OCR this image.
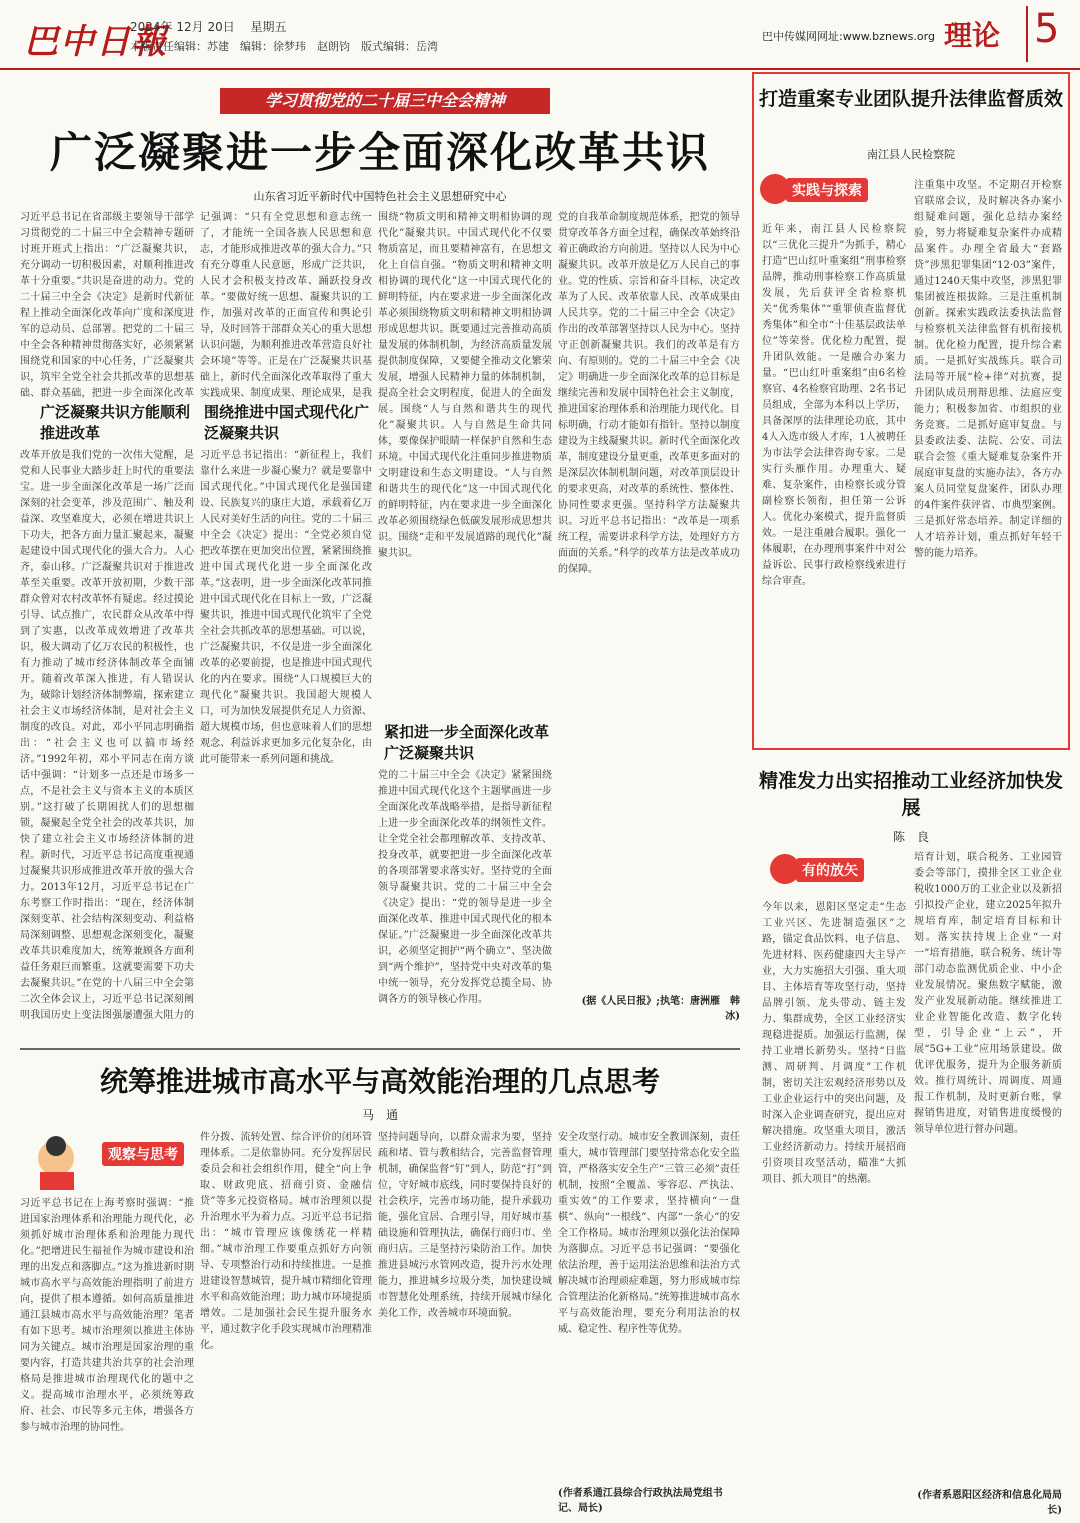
巴中日報
2024年 12月 20日　 星期五
本版责任编辑：苏建　编辑：徐梦玮　赵朗钧　版式编辑：岳湾
巴中传媒网网址:www.bznews.org 理论 5
学习贯彻党的二十届三中全会精神
广泛凝聚进一步全面深化改革共识
山东省习近平新时代中国特色社会主义思想研究中心
习近平总书记在省部级主要领导干部学习贯彻党的二十届三中全会精神专题研讨班开班式上指出：“广泛凝聚共识，充分调动一切积极因素，对顺利推进改革十分重要。”共识是奋进的动力。党的二十届三中全会《决定》是新时代新征程上推动全面深化改革向广度和深度进军的总动员、总部署。把党的二十届三中全会各种精神贯彻落实好，必须紧紧围绕党和国家的中心任务，广泛凝聚共识，筑牢全党全社会共抓改革的思想基础、群众基础，把进一步全面深化改革
广泛凝聚共识方能顺利推进改革
改革开放是我们党的一次伟大觉醒，是党和人民事业大踏步赶上时代的重要法宝。进一步全面深化改革是一场广泛而深刻的社会变革，涉及范围广、触及利益深、攻坚难度大，必须在增进共识上下功夫，把各方面力量汇聚起来，凝聚起建设中国式现代化的强大合力。人心齐，泰山移。广泛凝聚共识对于推进改革至关重要。改革开放初期，少数干部群众曾对农村改革怀有疑虑。经过摸论引导、试点推广，农民群众从改革中得到了实惠，以改革成效增进了改革共识，极大调动了亿万农民的积极性，也有力推动了城市经济体制改革全面铺开。随着改革深入推进，有人错误认为，破除计划经济体制弊端，探索建立社会主义市场经济体制，是对社会主义制度的改良。对此，邓小平同志明确指出：“社会主义也可以搞市场经济。”1992年初，邓小平同志在南方谈话中强调：“计划多一点还是市场多一点，不是社会主义与资本主义的本质区别。”这打破了长期困扰人们的思想枷锁，凝聚起全党全社会的改革共识，加快了建立社会主义市场经济体制的进程。新时代，习近平总书记高度重视通过凝聚共识形成推进改革开放的强大合力。2013年12月，习近平总书记在广东考察工作时指出：“现在，经济体制深刻变革、社会结构深刻变动、利益格局深刻调整、思想观念深刻变化，凝聚改革共识难度加大，统筹兼顾各方面利益任务艰巨而繁重。这就要需要下功夫去凝聚共识。”在党的十八届三中全会第二次全体会议上，习近平总书记深刻阐明我国历史上变法图强屡遭强大阻力的
记强调：“只有全党思想和意志统一了，才能统一全国各族人民思想和意志，才能形成推进改革的强大合力。”只有充分尊重人民意愿，形成广泛共识，人民才会积极支持改革、踊跃投身改革。“要做好统一思想、凝聚共识的工作，加强对改革的正面宣传和舆论引导，及时回答干部群众关心的重大思想认识问题，为顺利推进改革营造良好社会环境”等等。正是在广泛凝聚共识基础上，新时代全面深化改革取得了重大实践成果、制度成果、理论成果，是我
围绕推进中国式现代化广泛凝聚共识
习近平总书记指出：“新征程上，我们靠什么来进一步凝心聚力？就是要靠中国式现代化。”中国式现代化是强国建设、民族复兴的康庄大道，承载着亿万人民对美好生活的向往。党的二十届三中全会《决定》提出：“全党必须自觉把改革摆在更加突出位置，紧紧围绕推进中国式现代化进一步全面深化改革。”这表明，进一步全面深化改革同推进中国式现代化在目标上一致，广泛凝聚共识，推进中国式现代化筑牢了全党全社会共抓改革的思想基础。可以说，广泛凝聚共识，不仅是进一步全面深化改革的必要前提，也是推进中国式现代化的内在要求。围绕“人口规模巨大的现代化”凝聚共识。我国超大规模人口，可为加快发展提供充足人力资源、超大规模市场，但也意味着人们的思想观念、利益诉求更加多元化复杂化，由此可能带来一系列问题和挑战。
围绕“物质文明和精神文明相协调的现代化”凝聚共识。中国式现代化不仅要物质富足，而且要精神富有，在思想文化上自信自强。“物质文明和精神文明相协调的现代化”这一中国式现代化的鲜明特征，内在要求进一步全面深化改革必须围绕物质文明和精神文明相协调形成思想共识。既要通过完善推动高质量发展的体制机制，为经济高质量发展提供制度保障，又要健全推动文化繁荣发展，增强人民精神力量的体制机制，提高全社会文明程度，促进人的全面发展。围绕“人与自然和谐共生的现代化”凝聚共识。人与自然是生命共同体，要像保护眼睛一样保护自然和生态环境。中国式现代化注重同步推进物质文明建设和生态文明建设。“人与自然和谐共生的现代化”这一中国式现代化的鲜明特征，内在要求进一步全面深化改革必须围绕绿色低碳发展形成思想共识。围绕“走和平发展道路的现代化”凝聚共识。
紧扣进一步全面深化改革广泛凝聚共识
党的二十届三中全会《决定》紧紧围绕推进中国式现代化这个主题擘画进一步全面深化改革战略举措，是指导新征程上进一步全面深化改革的纲领性文件。让全党全社会都理解改革、支持改革、投身改革，就要把进一步全面深化改革的各项部署要求落实好。坚持党的全面领导凝聚共识。党的二十届三中全会《决定》提出：“党的领导是进一步全面深化改革、推进中国式现代化的根本保证。”广泛凝聚进一步全面深化改革共识，必须坚定拥护“两个确立”、坚决做到“两个维护”，坚持党中央对改革的集中统一领导，充分发挥党总揽全局、协调各方的领导核心作用。
党的自我革命制度规范体系，把党的领导贯穿改革各方面全过程，确保改革始终沿着正确政治方向前进。坚持以人民为中心凝聚共识。改革开放是亿万人民自己的事业。党的性质、宗旨和奋斗目标，决定改革为了人民、改革依靠人民、改革成果由人民共享。党的二十届三中全会《决定》作出的改革部署坚持以人民为中心。坚持守正创新凝聚共识。我们的改革是有方向、有原则的。党的二十届三中全会《决定》明确进一步全面深化改革的总目标是继续完善和发展中国特色社会主义制度，推进国家治理体系和治理能力现代化。目标明确，行动才能如有指针。坚持以制度建设为主线凝聚共识。新时代全面深化改革，制度建设分量更重，改革更多面对的是深层次体制机制问题，对改革顶层设计的要求更高，对改革的系统性、整体性、协同性要求更强。坚持科学方法凝聚共识。习近平总书记指出：“改革是一项系统工程，需要讲求科学方法，处理好方方面面的关系。”科学的改革方法是改革成功的保障。
(据《人民日报》;执笔：唐洲雁　韩冰)
打造重案专业团队提升法律监督质效
南江县人民检察院
实践与探索
近年来，南江县人民检察院以“三优化三提升”为抓手，精心打造“巴山红叶重案组”刑事检察品牌，推动刑事检察工作高质量发展，先后获评全省检察机关“优秀集体”“重罪侦查监督优秀集体”和全市“十佳基层政法单位”等荣誉。优化检力配置，提升团队效能。一是融合办案力量。“巴山红叶重案组”由6名检察官、4名检察官助理、2名书记员组成，全部为本科以上学历，具备深厚的法律理论功底，其中4人入选市级人才库，1人被聘任为市法学会法律咨询专家。二是实行头雁作用。办理重大、疑难、复杂案件，由检察长或分管副检察长领衔，担任第一公诉人。优化办案模式，提升监督质效。一是注重融合履职。强化一体履职，在办理刑事案件中对公益诉讼、民事行政检察线索进行综合审查。
注重集中攻坚。不定期召开检察官联席会议，及时解决各办案小组疑难问题，强化总结办案经验，努力将疑难复杂案件办成精品案件。办理全省最大“套路贷”涉黑犯罪集团“12·03”案件，通过1240天集中攻坚，涉黑犯罪集团被连根拔除。三是注重机制创新。探索实践政法委执法监督与检察机关法律监督有机衔接机制。优化检力配置，提升综合素质。一是抓好实战练兵。联合司法局等开展“检+律”对抗赛，提升团队成员刑辩思维、法庭应变能力；积极参加省、市组织的业务竞赛。二是抓好庭审复盘。与县委政法委、法院、公安、司法联合会签《重大疑难复杂案件开展庭审复盘的实施办法》，各方办案人员同堂复盘案件，团队办理的4件案件获评省、市典型案例。三是抓好常态培养。制定详细的人才培养计划，重点抓好年轻干警的能力培养。
精准发力出实招推动工业经济加快发展
陈　良
有的放矢
今年以来，恩阳区坚定走“生态工业兴区、先进制造强区”之路，锚定食品饮料、电子信息、先进材料、医药健康四大主导产业，大力实施招大引强、重大项目、主体培育等攻坚行动，坚持品牌引领、龙头带动、链主发力、集群成势，全区工业经济实现稳进提质。加强运行监测，保持工业增长新势头。坚持“日监测、周研判、月调度”工作机制，密切关注宏观经济形势以及工业企业运行中的突出问题，及时深入企业调查研究，提出应对解决措施。攻坚重大项目，激活工业经济新动力。持续开展招商引资项目攻坚活动，瞄准“大抓项目、抓大项目”的热潮。
培育计划，联合税务、工业园管委会等部门，摸排全区工业企业税收1000万的工业企业以及新招引拟投产企业，建立2025年拟升规培育库，制定培育目标和计划。落实扶持规上企业“一对一”培育措施，联合税务、统计等部门动态监测优质企业、中小企业发展情况。聚焦数字赋能，激发产业发展新动能。继续推进工业企业智能化改造、数字化转型，引导企业“上云”，开展“5G+工业”应用场景建设。做优评优服务，提升为企服务新质效。推行周统计、周调度、周通报工作机制，及时更新台账，掌握销售进度，对销售进度缓慢的领导单位进行督办问题。
(作者系恩阳区经济和信息化局局长)
统筹推进城市高水平与高效能治理的几点思考
马　通
观察与思考
习近平总书记在上海考察时强调：“推进国家治理体系和治理能力现代化，必须抓好城市治理体系和治理能力现代化。”把增进民生福祉作为城市建设和治理的出发点和落脚点。”这为推进新时期城市高水平与高效能治理指明了前进方向，提供了根本遵循。如何高质量推进通江县城市高水平与高效能治理？笔者有如下思考。城市治理须以推进主体协同为关键点。城市治理是国家治理的重要内容，打造共建共治共享的社会治理格局是推进城市治理现代化的题中之义。提高城市治理水平，必须统筹政府、社会、市民等多元主体，增强各方参与城市治理的协同性。
件分拨、流转处置、综合评价的闭环管理体系。二是依靠协同。充分发挥居民委员会和社会组织作用，健全“向上争取、财政兜底、招商引资、金融信贷”等多元投资格局。城市治理须以提升治理水平为着力点。习近平总书记指出：“城市管理应该像绣花一样精细。”城市治理工作要重点抓好方向领导、专项整治行动和持续推进。一是推进建设智慧城管，提升城市精细化管理水平和高效能治理；助力城市环境提质增效。二是加强社会民生提升服务水平，通过数字化手段实现城市治理精准化。
坚持问题导向，以群众需求为要，坚持疏和堵、管与教相结合，完善监督管理机制，确保监督“钉”到人，防范“打”到位，守好城市底线，同时要保持良好的社会秩序，完善市场功能，提升承载功能，强化宜居、合理引导，用好城市基础设施和管理执法，确保行商归市、坐商归店。三是坚持污染防治工作。加快推进县城污水管网改造，提升污水处理能力，推进城乡垃圾分类，加快建设城市智慧化处理系统，持续开展城市绿化美化工作，改善城市环境面貌。
安全攻坚行动。城市安全教训深刻，责任重大，城市管理部门要坚持常态化安全监管，严格落实安全生产“三管三必须”责任机制，按照“全覆盖、零容忍、严执法、重实效”的工作要求，坚持横向“一盘棋”、纵向“一根线”、内部“一条心”的安全工作格局。城市治理须以强化法治保障为落脚点。习近平总书记强调：“要强化依法治理，善于运用法治思维和法治方式解决城市治理顽症难题，努力形成城市综合管理法治化新格局。”统筹推进城市高水平与高效能治理，要充分利用法治的权威、稳定性、程序性等优势。
(作者系通江县综合行政执法局党组书记、局长)
